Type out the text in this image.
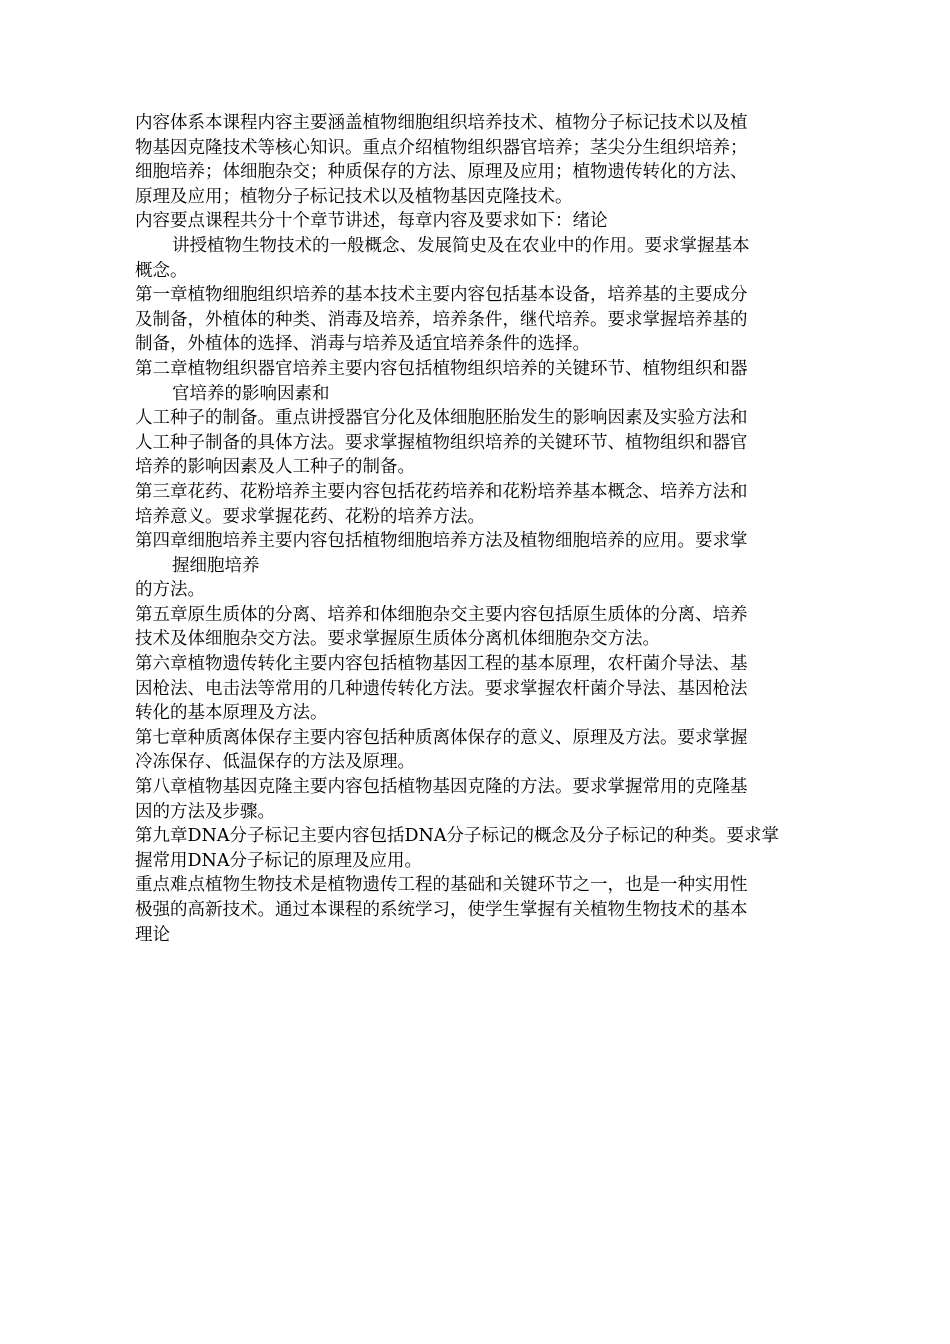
内容体系本课程内容主要涵盖植物细胞组织培养技术、植物分子标记技术以及植
物基因克隆技术等核心知识。重点介绍植物组织器官培养；茎尖分生组织培养；
细胞培养；体细胞杂交；种质保存的方法、原理及应用；植物遗传转化的方法、
原理及应用；植物分子标记技术以及植物基因克隆技术。
内容要点课程共分十个章节讲述，每章内容及要求如下：绪论
讲授植物生物技术的一般概念、发展简史及在农业中的作用。要求掌握基本
概念。
第一章植物细胞组织培养的基本技术主要内容包括基本设备，培养基的主要成分
及制备，外植体的种类、消毒及培养，培养条件，继代培养。要求掌握培养基的
制备，外植体的选择、消毒与培养及适宜培养条件的选择。
第二章植物组织器官培养主要内容包括植物组织培养的关键环节、植物组织和器
官培养的影响因素和
人工种子的制备。重点讲授器官分化及体细胞胚胎发生的影响因素及实验方法和
人工种子制备的具体方法。要求掌握植物组织培养的关键环节、植物组织和器官
培养的影响因素及人工种子的制备。
第三章花药、花粉培养主要内容包括花药培养和花粉培养基本概念、培养方法和
培养意义。要求掌握花药、花粉的培养方法。
第四章细胞培养主要内容包括植物细胞培养方法及植物细胞培养的应用。要求掌
握细胞培养
的方法。
第五章原生质体的分离、培养和体细胞杂交主要内容包括原生质体的分离、培养
技术及体细胞杂交方法。要求掌握原生质体分离机体细胞杂交方法。
第六章植物遗传转化主要内容包括植物基因工程的基本原理，农杆菌介导法、基
因枪法、电击法等常用的几种遗传转化方法。要求掌握农杆菌介导法、基因枪法
转化的基本原理及方法。
第七章种质离体保存主要内容包括种质离体保存的意义、原理及方法。要求掌握
冷冻保存、低温保存的方法及原理。
第八章植物基因克隆主要内容包括植物基因克隆的方法。要求掌握常用的克隆基
因的方法及步骤。
第九章DNA分子标记主要内容包括DNA分子标记的概念及分子标记的种类。要求掌
握常用DNA分子标记的原理及应用。
重点难点植物生物技术是植物遗传工程的基础和关键环节之一，也是一种实用性
极强的高新技术。通过本课程的系统学习，使学生掌握有关植物生物技术的基本
理论
